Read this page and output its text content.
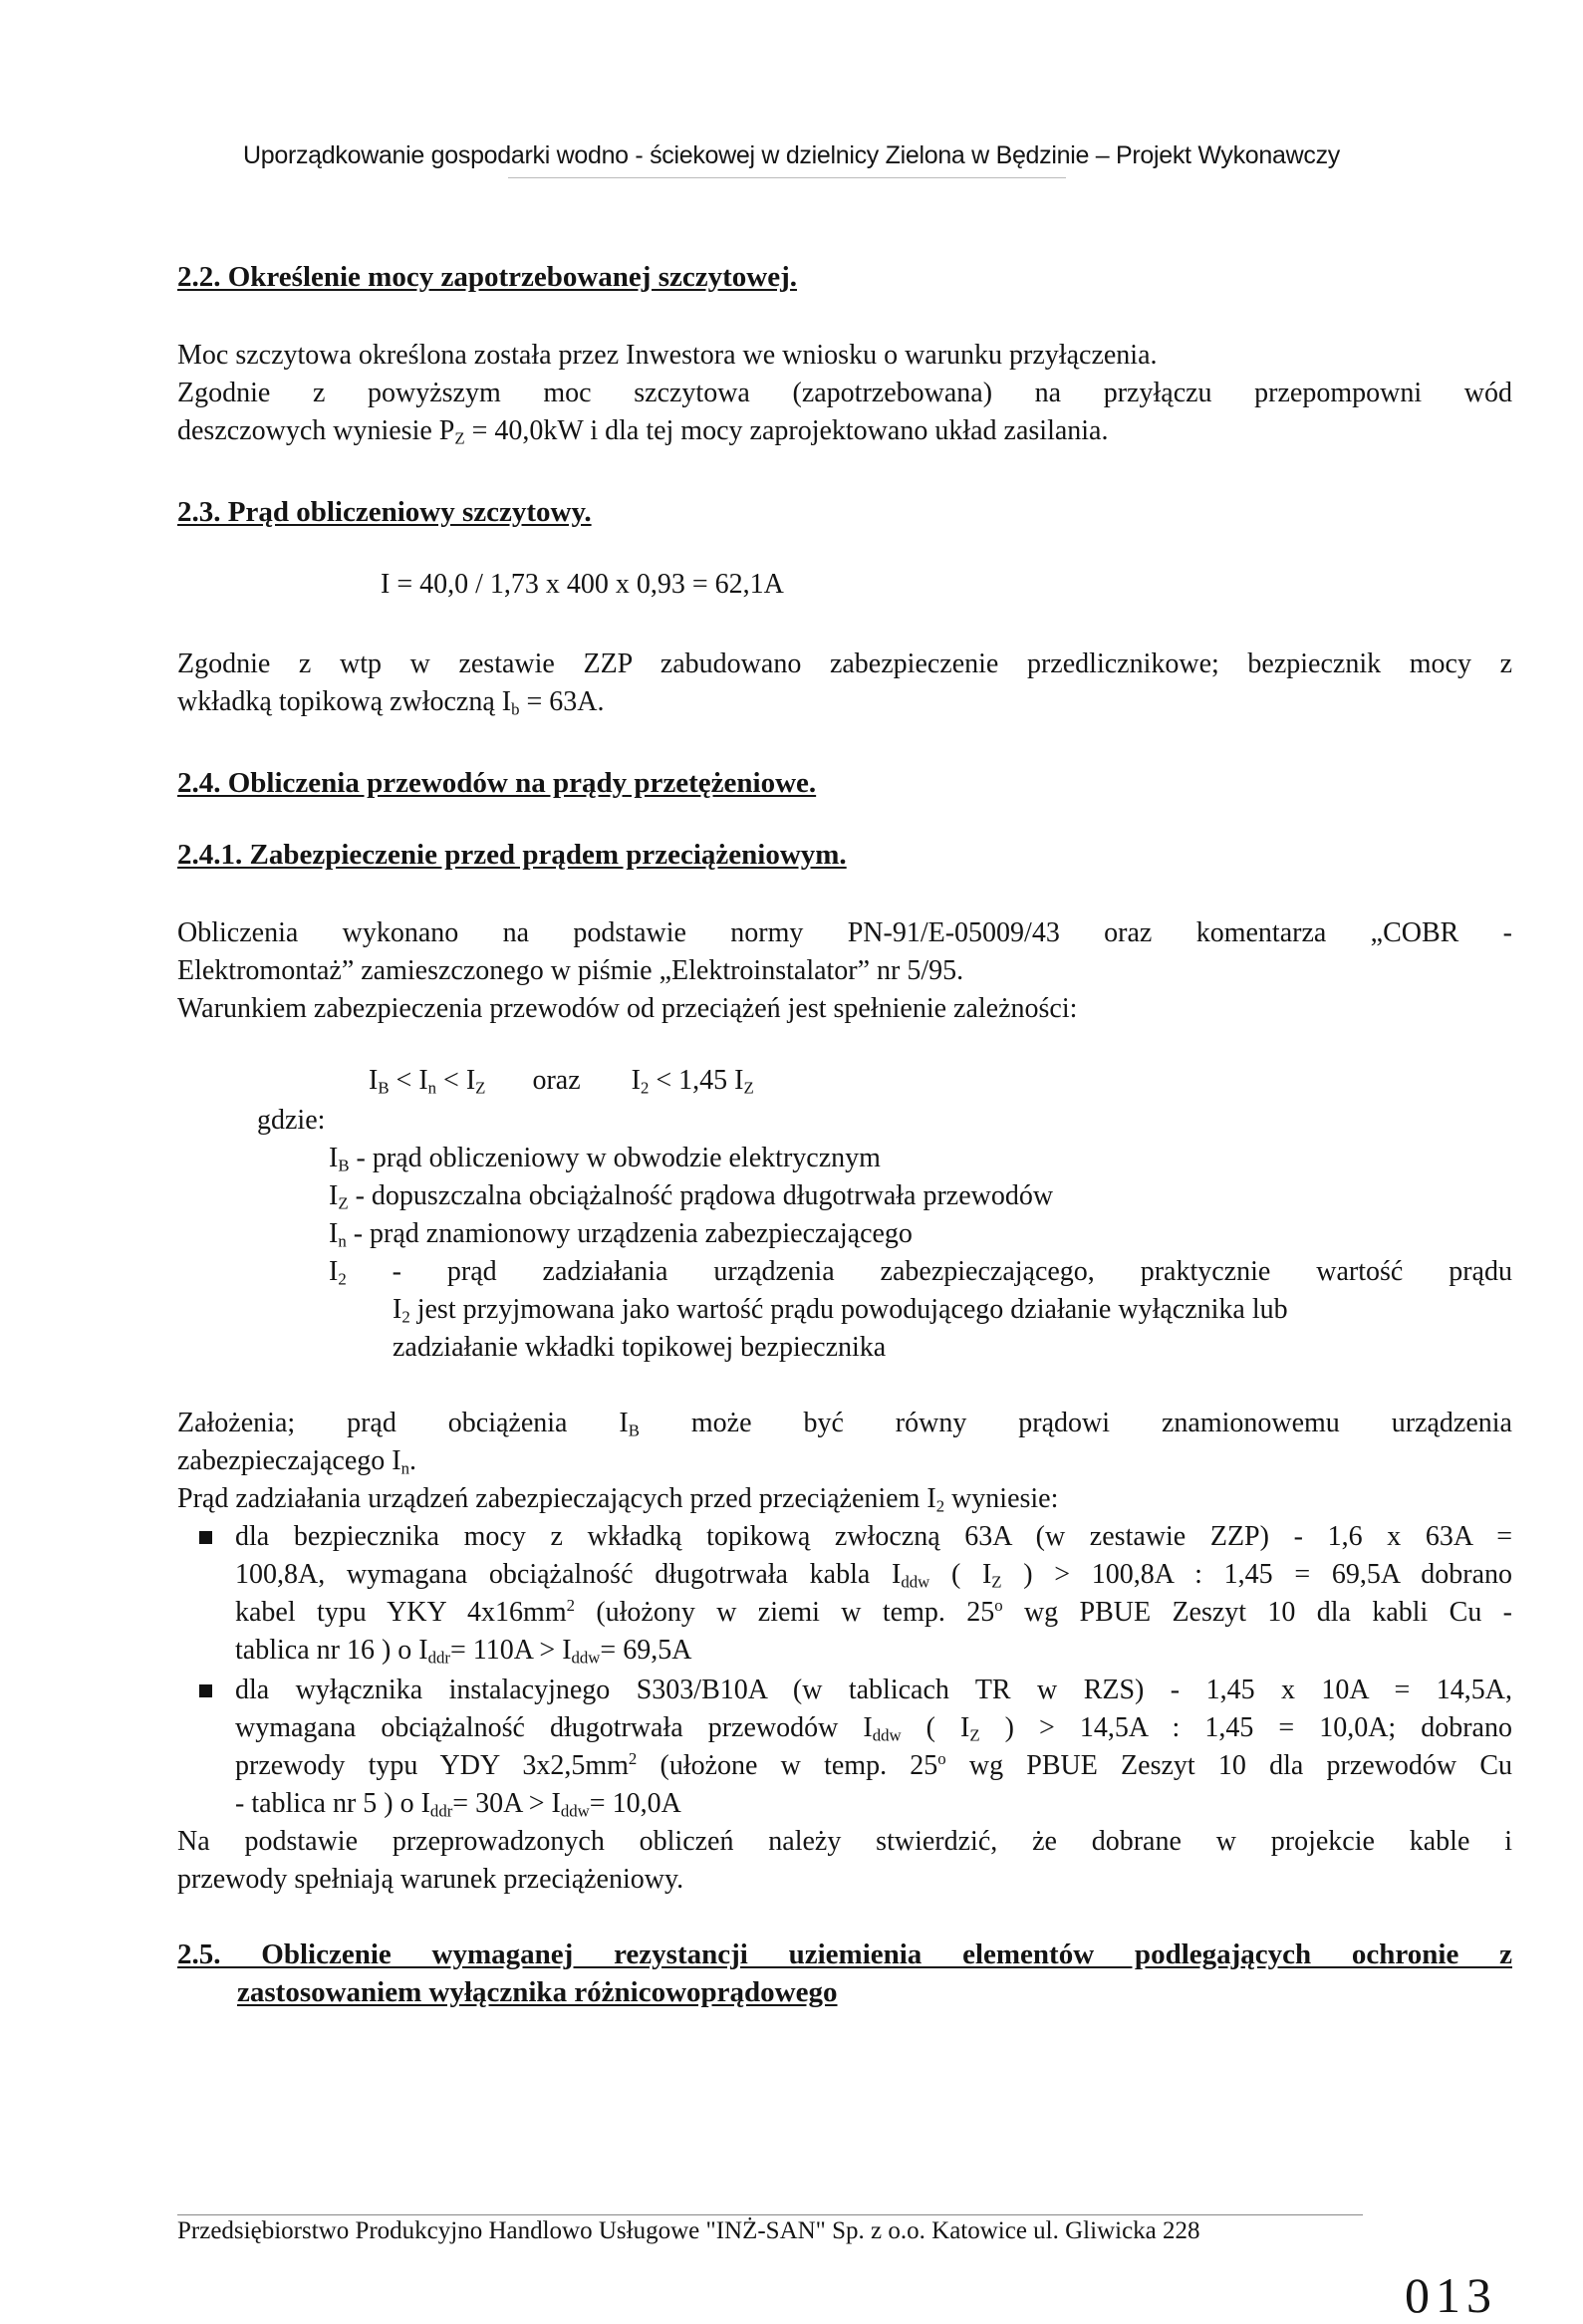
Uporządkowanie gospodarki wodno - ściekowej w dzielnicy Zielona w Będzinie – Projekt Wykonawczy
2.2. Określenie mocy zapotrzebowanej szczytowej.
Moc szczytowa określona została przez Inwestora we wniosku o warunku przyłączenia.
Zgodnie z powyższym moc szczytowa (zapotrzebowana) na przyłączu przepompowni wód
deszczowych wyniesie $P_Z = 40,0kW$ i dla tej mocy zaprojektowano układ zasilania.
2.3. Prąd obliczeniowy szczytowy.
I = 40,0 / 1,73 x 400 x 0,93 = 62,1A
Zgodnie z wtp w zestawie ZZP zabudowano zabezpieczenie przedlicznikowe; bezpiecznik mocy z
wkładką topikową zwłoczną $I_b = 63A$.
2.4. Obliczenia przewodów na prądy przetężeniowe.
2.4.1. Zabezpieczenie przed prądem przeciążeniowym.
Obliczenia wykonano na podstawie normy PN-91/E-05009/43 oraz komentarza „COBR -
Elektromontaż” zamieszczonego w piśmie „Elektroinstalator” nr 5/95.
Warunkiem zabezpieczenia przewodów od przeciążeń jest spełnienie zależności:
$I_B < I_n < I_Z$ oraz $I_2 < 1,45$ $I_Z$
gdzie:
$I_B$ - prąd obliczeniowy w obwodzie elektrycznym
$I_Z$ - dopuszczalna obciążalność prądowa długotrwała przewodów
$I_n$ - prąd znamionowy urządzenia zabezpieczającego
$I_2$ - prąd zadziałania urządzenia zabezpieczającego, praktycznie wartość prądu
$I_2$ jest przyjmowana jako wartość prądu powodującego działanie wyłącznika lub
zadziałanie wkładki topikowej bezpiecznika
Założenia; prąd obciążenia $I_B$ może być równy prądowi znamionowemu urządzenia
zabezpieczającego $I_n$.
Prąd zadziałania urządzeń zabezpieczających przed przeciążeniem $I_2$ wyniesie:
dla bezpiecznika mocy z wkładką topikową zwłoczną 63A (w zestawie ZZP) - 1,6 x 63A =
100,8A, wymagana obciążalność długotrwała kabla $I_{ddw}$ ( $I_Z$ ) > 100,8A : 1,45 = 69,5A dobrano
kabel typu YKY $4x16mm^2$ (ułożony w ziemi w temp. 25$^o$ wg PBUE Zeszyt 10 dla kabli Cu -
tablica nr 16 ) o $I_{ddr}= 110A > I_{ddw}= 69,5A$
dla wyłącznika instalacyjnego S303/B10A (w tablicach TR w RZS) - 1,45 x 10A = 14,5A,
wymagana obciążalność długotrwała przewodów $I_{ddw}$ ( $I_Z$ ) > 14,5A : 1,45 = 10,0A; dobrano
przewody typu YDY $3x2,5mm^2$ (ułożone w temp. 25$^o$ wg PBUE Zeszyt 10 dla przewodów Cu
- tablica nr 5 ) o $I_{ddr}= 30A > I_{ddw}= 10,0A$
Na podstawie przeprowadzonych obliczeń należy stwierdzić, że dobrane w projekcie kable i
przewody spełniają warunek przeciążeniowy.
2.5. Obliczenie wymaganej rezystancji uziemienia elementów podlegających ochronie z
zastosowaniem wyłącznika różnicowoprądowego
Przedsiębiorstwo Produkcyjno Handlowo Usługowe "INŻ-SAN" Sp. z o.o. Katowice ul. Gliwicka 228
013
